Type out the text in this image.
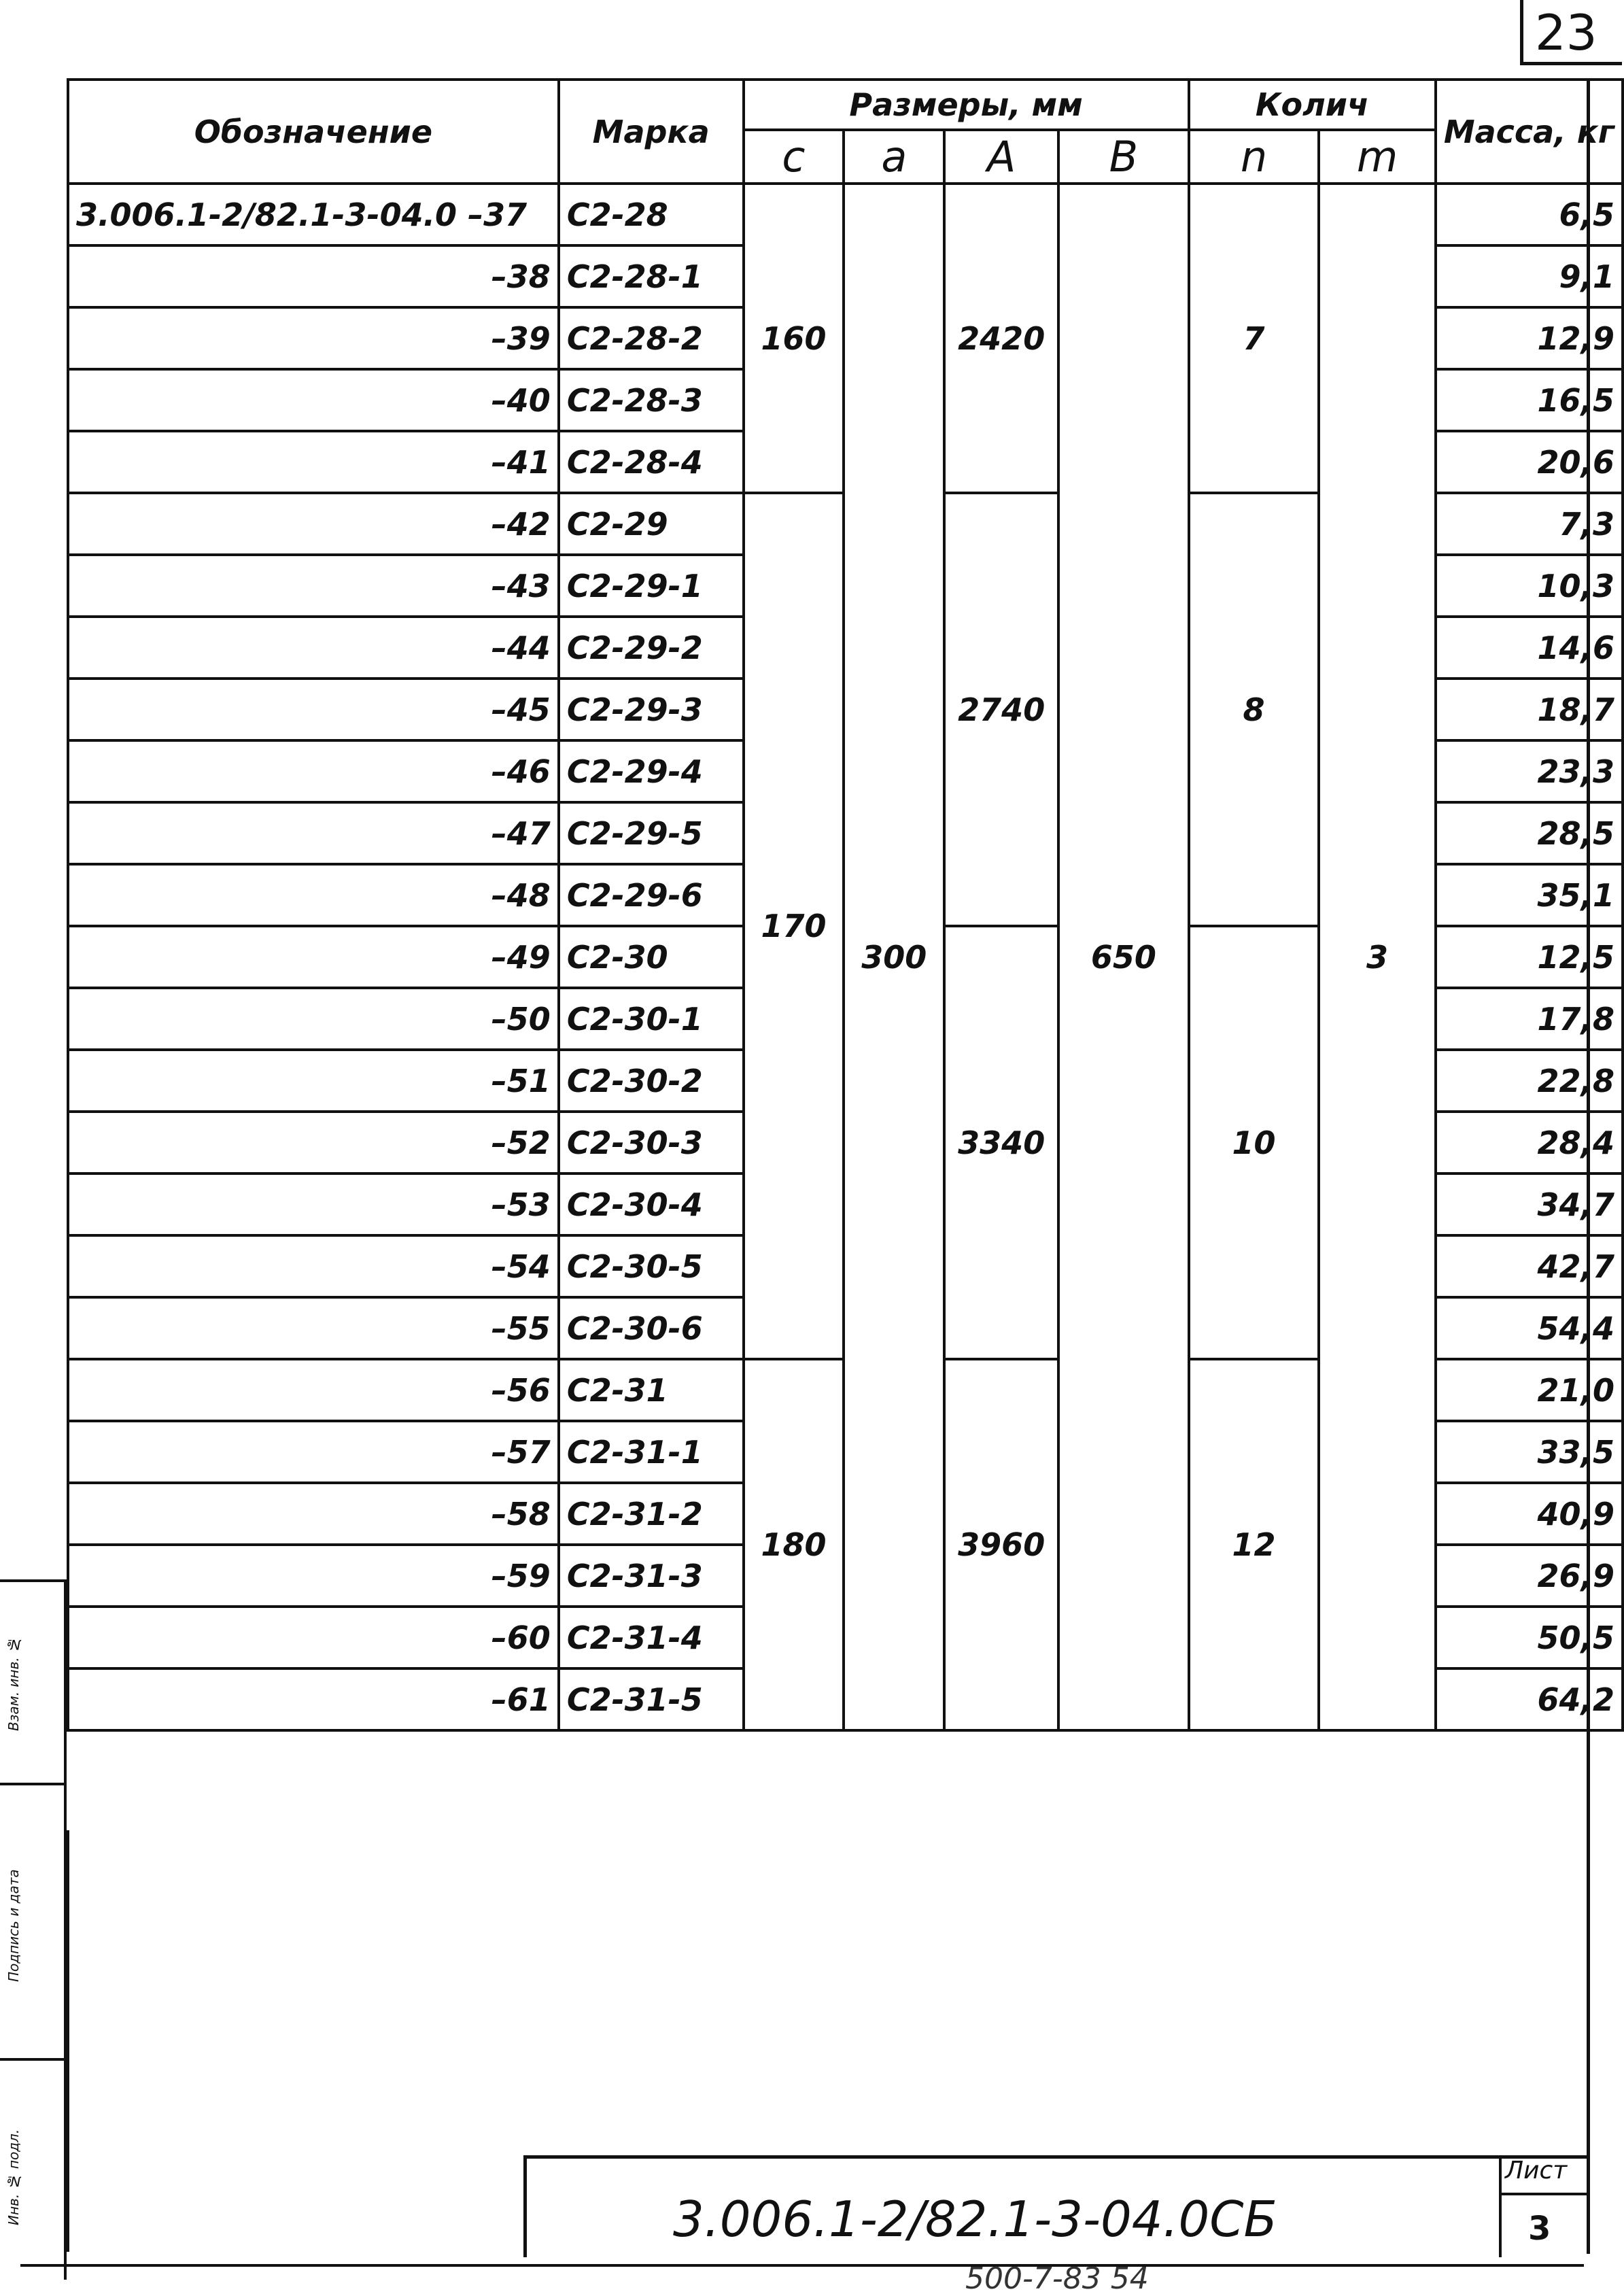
23
Обозначение	Марка	Размеры, мм				Колич		Масса, кг
		c	a	A	B	n	m	
3.006.1-2/82.1-3-04.0 –37	С2-28	160	300	2420	650	7	3	6,5
–38	С2-28-1							9,1
–39	С2-28-2							12,9
–40	С2-28-3							16,5
–41	С2-28-4							20,6
–42	С2-29	170		2740		8		7,3
–43	С2-29-1							10,3
–44	С2-29-2							14,6
–45	С2-29-3							18,7
–46	С2-29-4							23,3
–47	С2-29-5							28,5
–48	С2-29-6							35,1
–49	С2-30			3340		10		12,5
–50	С2-30-1							17,8
–51	С2-30-2							22,8
–52	С2-30-3							28,4
–53	С2-30-4							34,7
–54	С2-30-5							42,7
–55	С2-30-6							54,4
–56	С2-31	180		3960		12		21,0
–57	С2-31-1							33,5
–58	С2-31-2							40,9
–59	С2-31-3							26,9
–60	С2-31-4							50,5
–61	С2-31-5							64,2
Инв. № подл.
Подпись и дата
Взам. инв. №
3.006.1-2/82.1-3-04.0СБ
Лист
3
500-7-83 54
